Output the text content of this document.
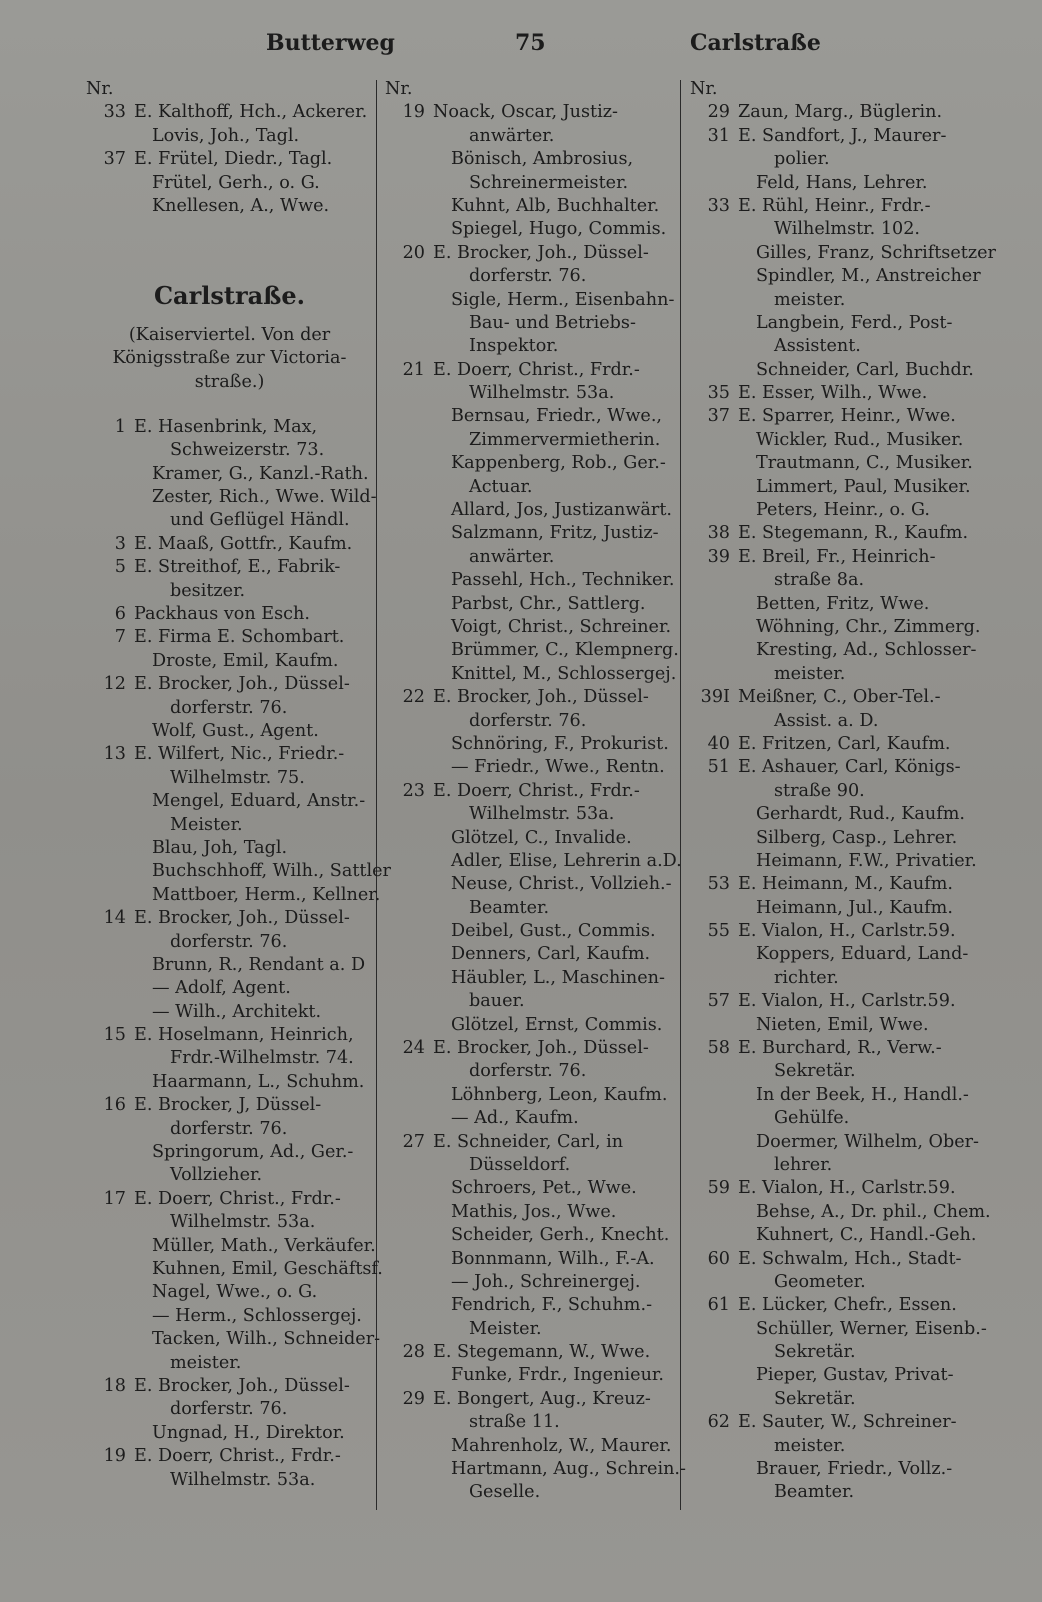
Butterweg	75	Carlstraße
Nr.
33 E. Kalthoff, Hch., Ackerer.
Lovis, Joh., Tagl.
37 E. Frütel, Diedr., Tagl.
Frütel, Gerh., o. G.
Knellesen, A., Wwe.
Carlstraße.
(Kaiserviertel. Von der
Königsstraße zur Victoria-
straße.)
1 E. Hasenbrink, Max,
Schweizerstr. 73.
Kramer, G., Kanzl.-Rath.
Zester, Rich., Wwe. Wild-
und Geflügel Händl.
3 E. Maaß, Gottfr., Kaufm.
5 E. Streithof, E., Fabrik-
besitzer.
6 Packhaus von Esch.
7 E. Firma E. Schombart.
Droste, Emil, Kaufm.
12 E. Brocker, Joh., Düssel-
dorferstr. 76.
Wolf, Gust., Agent.
13 E. Wilfert, Nic., Friedr.-
Wilhelmstr. 75.
Mengel, Eduard, Anstr.-
Meister.
Blau, Joh, Tagl.
Buchschhoff, Wilh., Sattler
Mattboer, Herm., Kellner.
14 E. Brocker, Joh., Düssel-
dorferstr. 76.
Brunn, R., Rendant a. D
— Adolf, Agent.
— Wilh., Architekt.
15 E. Hoselmann, Heinrich,
Frdr.-Wilhelmstr. 74.
Haarmann, L., Schuhm.
16 E. Brocker, J, Düssel-
dorferstr. 76.
Springorum, Ad., Ger.-
Vollzieher.
17 E. Doerr, Christ., Frdr.-
Wilhelmstr. 53a.
Müller, Math., Verkäufer.
Kuhnen, Emil, Geschäftsf.
Nagel, Wwe., o. G.
— Herm., Schlossergej.
Tacken, Wilh., Schneider-
meister.
18 E. Brocker, Joh., Düssel-
dorferstr. 76.
Ungnad, H., Direktor.
19 E. Doerr, Christ., Frdr.-
Wilhelmstr. 53a.
Nr.
19 Noack, Oscar, Justiz-
anwärter.
Bönisch, Ambrosius,
Schreinermeister.
Kuhnt, Alb, Buchhalter.
Spiegel, Hugo, Commis.
20 E. Brocker, Joh., Düssel-
dorferstr. 76.
Sigle, Herm., Eisenbahn-
Bau- und Betriebs-
Inspektor.
21 E. Doerr, Christ., Frdr.-
Wilhelmstr. 53a.
Bernsau, Friedr., Wwe.,
Zimmervermietherin.
Kappenberg, Rob., Ger.-
Actuar.
Allard, Jos, Justizanwärt.
Salzmann, Fritz, Justiz-
anwärter.
Passehl, Hch., Techniker.
Parbst, Chr., Sattlerg.
Voigt, Christ., Schreiner.
Brümmer, C., Klempnerg.
Knittel, M., Schlossergej.
22 E. Brocker, Joh., Düssel-
dorferstr. 76.
Schnöring, F., Prokurist.
— Friedr., Wwe., Rentn.
23 E. Doerr, Christ., Frdr.-
Wilhelmstr. 53a.
Glötzel, C., Invalide.
Adler, Elise, Lehrerin a.D.
Neuse, Christ., Vollzieh.-
Beamter.
Deibel, Gust., Commis.
Denners, Carl, Kaufm.
Häubler, L., Maschinen-
bauer.
Glötzel, Ernst, Commis.
24 E. Brocker, Joh., Düssel-
dorferstr. 76.
Löhnberg, Leon, Kaufm.
— Ad., Kaufm.
27 E. Schneider, Carl, in
Düsseldorf.
Schroers, Pet., Wwe.
Mathis, Jos., Wwe.
Scheider, Gerh., Knecht.
Bonnmann, Wilh., F.-A.
— Joh., Schreinergej.
Fendrich, F., Schuhm.-
Meister.
28 E. Stegemann, W., Wwe.
Funke, Frdr., Ingenieur.
29 E. Bongert, Aug., Kreuz-
straße 11.
Mahrenholz, W., Maurer.
Hartmann, Aug., Schrein.-
Geselle.
Nr.
29 Zaun, Marg., Büglerin.
31 E. Sandfort, J., Maurer-
polier.
Feld, Hans, Lehrer.
33 E. Rühl, Heinr., Frdr.-
Wilhelmstr. 102.
Gilles, Franz, Schriftsetzer
Spindler, M., Anstreicher
meister.
Langbein, Ferd., Post-
Assistent.
Schneider, Carl, Buchdr.
35 E. Esser, Wilh., Wwe.
37 E. Sparrer, Heinr., Wwe.
Wickler, Rud., Musiker.
Trautmann, C., Musiker.
Limmert, Paul, Musiker.
Peters, Heinr., o. G.
38 E. Stegemann, R., Kaufm.
39 E. Breil, Fr., Heinrich-
straße 8a.
Betten, Fritz, Wwe.
Wöhning, Chr., Zimmerg.
Kresting, Ad., Schlosser-
meister.
39I Meißner, C., Ober-Tel.-
Assist. a. D.
40 E. Fritzen, Carl, Kaufm.
51 E. Ashauer, Carl, Königs-
straße 90.
Gerhardt, Rud., Kaufm.
Silberg, Casp., Lehrer.
Heimann, F.W., Privatier.
53 E. Heimann, M., Kaufm.
Heimann, Jul., Kaufm.
55 E. Vialon, H., Carlstr.59.
Koppers, Eduard, Land-
richter.
57 E. Vialon, H., Carlstr.59.
Nieten, Emil, Wwe.
58 E. Burchard, R., Verw.-
Sekretär.
In der Beek, H., Handl.-
Gehülfe.
Doermer, Wilhelm, Ober-
lehrer.
59 E. Vialon, H., Carlstr.59.
Behse, A., Dr. phil., Chem.
Kuhnert, C., Handl.-Geh.
60 E. Schwalm, Hch., Stadt-
Geometer.
61 E. Lücker, Chefr., Essen.
Schüller, Werner, Eisenb.-
Sekretär.
Pieper, Gustav, Privat-
Sekretär.
62 E. Sauter, W., Schreiner-
meister.
Brauer, Friedr., Vollz.-
Beamter.
